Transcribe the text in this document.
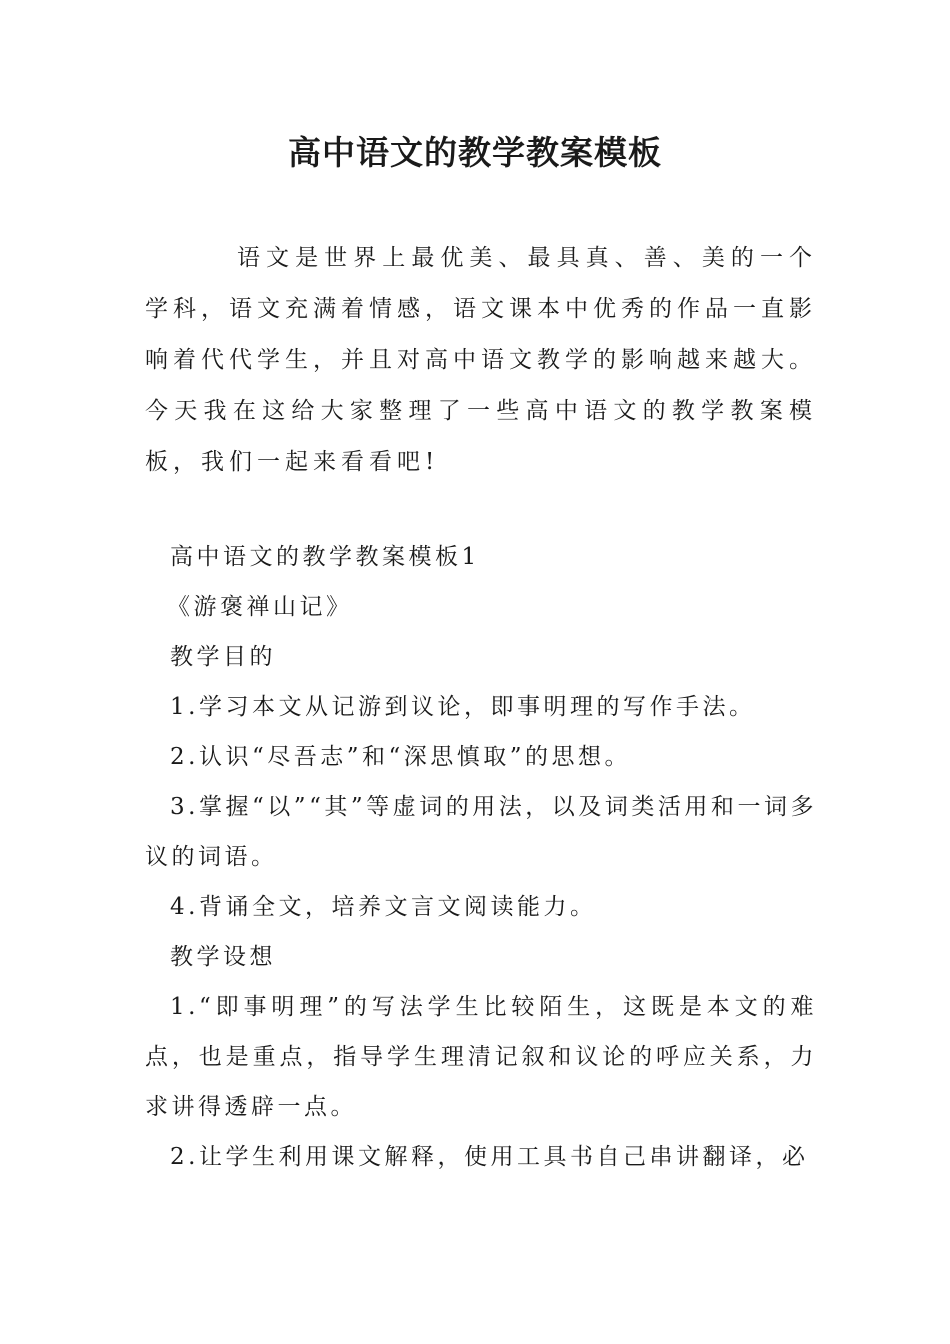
高中语文的教学教案模板

语文是世界上最优美、最具真、善、美的一个学科，语文充满着情感，语文课本中优秀的作品一直影响着代代学生，并且对高中语文教学的影响越来越大。今天我在这给大家整理了一些高中语文的教学教案模板，我们一起来看看吧!

高中语文的教学教案模板1

《游褒禅山记》

教学目的

1.学习本文从记游到议论，即事明理的写作手法。

2.认识“尽吾志”和“深思慎取”的思想。

3.掌握“以”“其”等虚词的用法，以及词类活用和一词多议的词语。

4.背诵全文，培养文言文阅读能力。

教学设想

1.“即事明理”的写法学生比较陌生，这既是本文的难点，也是重点，指导学生理清记叙和议论的呼应关系，力求讲得透辟一点。

2.让学生利用课文解释，使用工具书自己串讲翻译，必
